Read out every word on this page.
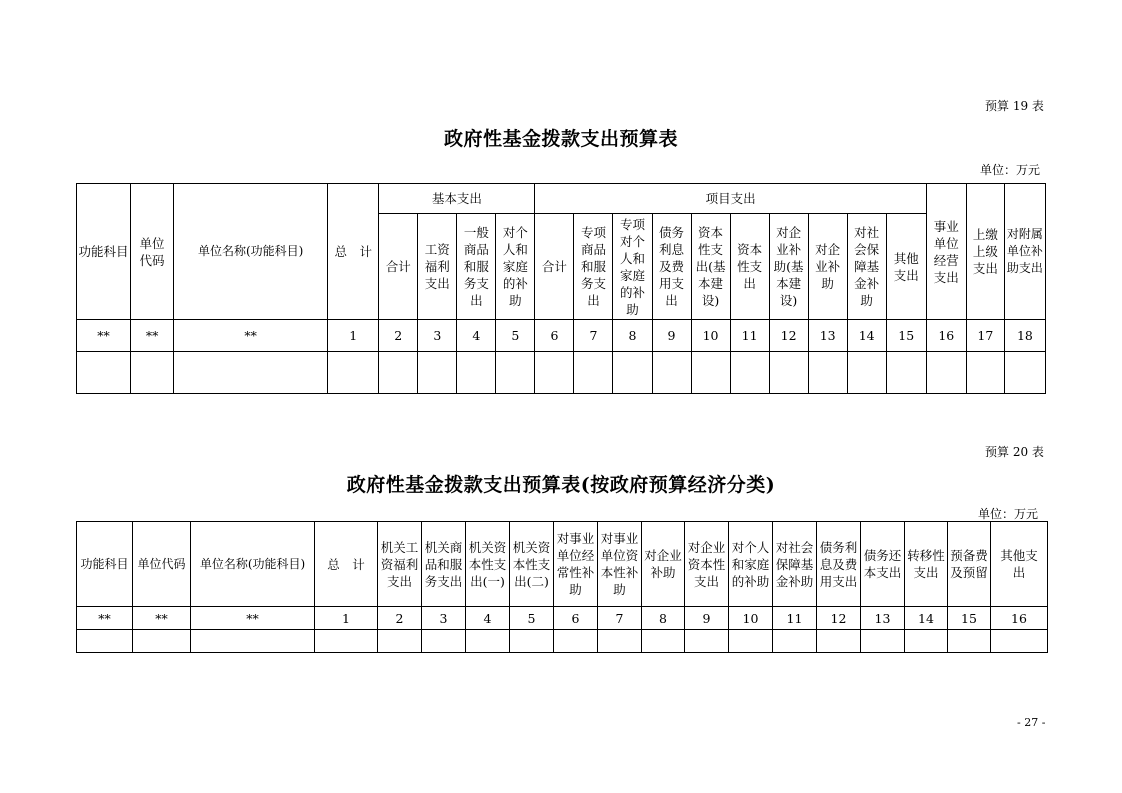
预算 19 表
政府性基金拨款支出预算表
单位：万元
功能科目	单位代码	单位名称(功能科目)	总　计	基本支出				项目支出										事业单位经营支出	上缴上级支出	对附属单位补助支出
				合计	工资福利支出	一般商品和服务支出	对个人和家庭的补助	合计	专项商品和服务支出	专项对个人和家庭的补助	债务利息及费用支出	资本性支出(基本建设)	资本性支出	对企业补助(基本建设)	对企业补助	对社会保障基金补助	其他支出			
**	**	**	1	2	3	4	5	6	7	8	9	10	11	12	13	14	15	16	17	18

预算 20 表
政府性基金拨款支出预算表(按政府预算经济分类)
单位：万元
功能科目	单位代码	单位名称(功能科目)	总　计	机关工资福利支出	机关商品和服务支出	机关资本性支出(一)	机关资本性支出(二)	对事业单位经常性补助	对事业单位资本性补助	对企业补助	对企业资本性支出	对个人和家庭的补助	对社会保障基金补助	债务利息及费用支出	债务还本支出	转移性支出	预备费及预留	其他支出
**	**	**	1	2	3	4	5	6	7	8	9	10	11	12	13	14	15	16

- 27 -
